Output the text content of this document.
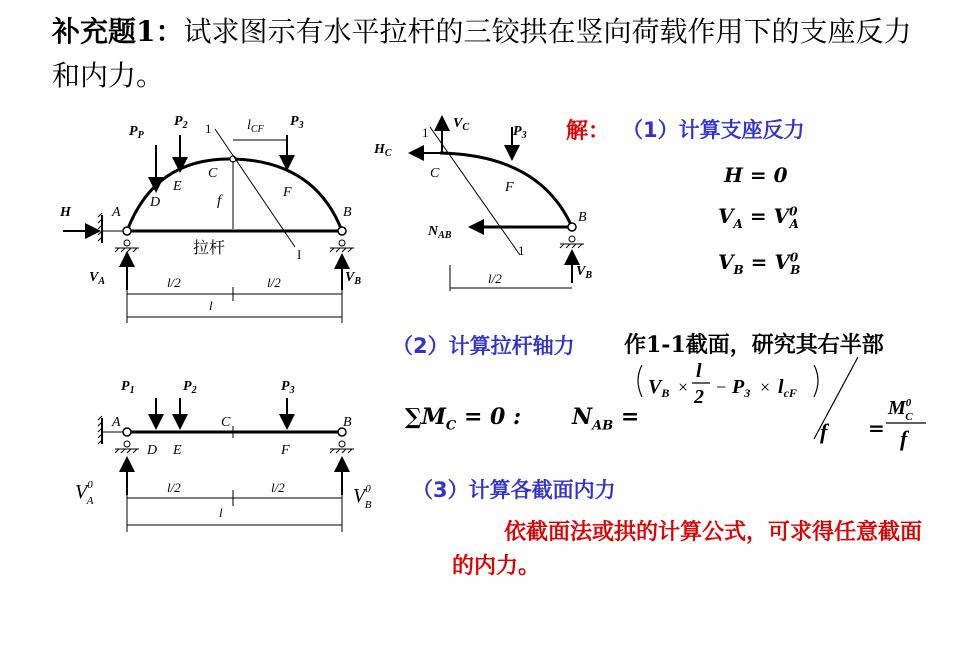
补充题1：试求图示有水平拉杆的三铰拱在竖向荷载作用下的支座反力和内力。
$P_P$
$P_2$	$P_3$
1	$l_{CF}$
C
E
D
F
f
H	A	B
拉杆	I
$V_A$	$V_B$
l/2	l/2
l
1
$V_C$	$P_3$
$H_C$
C
F
$N_{AB}$
B
1
l/2	$V_B$
$P_1$	$P_2$	$P_3$
A	C	B
D E	F
$V^0$ A	$V^0$ B
l/2	l/2
l
解： （1）计算支座反力
H = 0
$V_A = V^0_A$
$V_B = V^0_B$
（2）计算拉杆轴力 作1-1截面，研究其右半部
$\sum M_C = 0$ : $N_{AB}$ =
$V_B$ ×
l
$2 - P_3 \times l_{cF}$
f =
$M^0$ C
f
（3）计算各截面内力
依截面法或拱的计算公式，可求得任意截面的内力。
